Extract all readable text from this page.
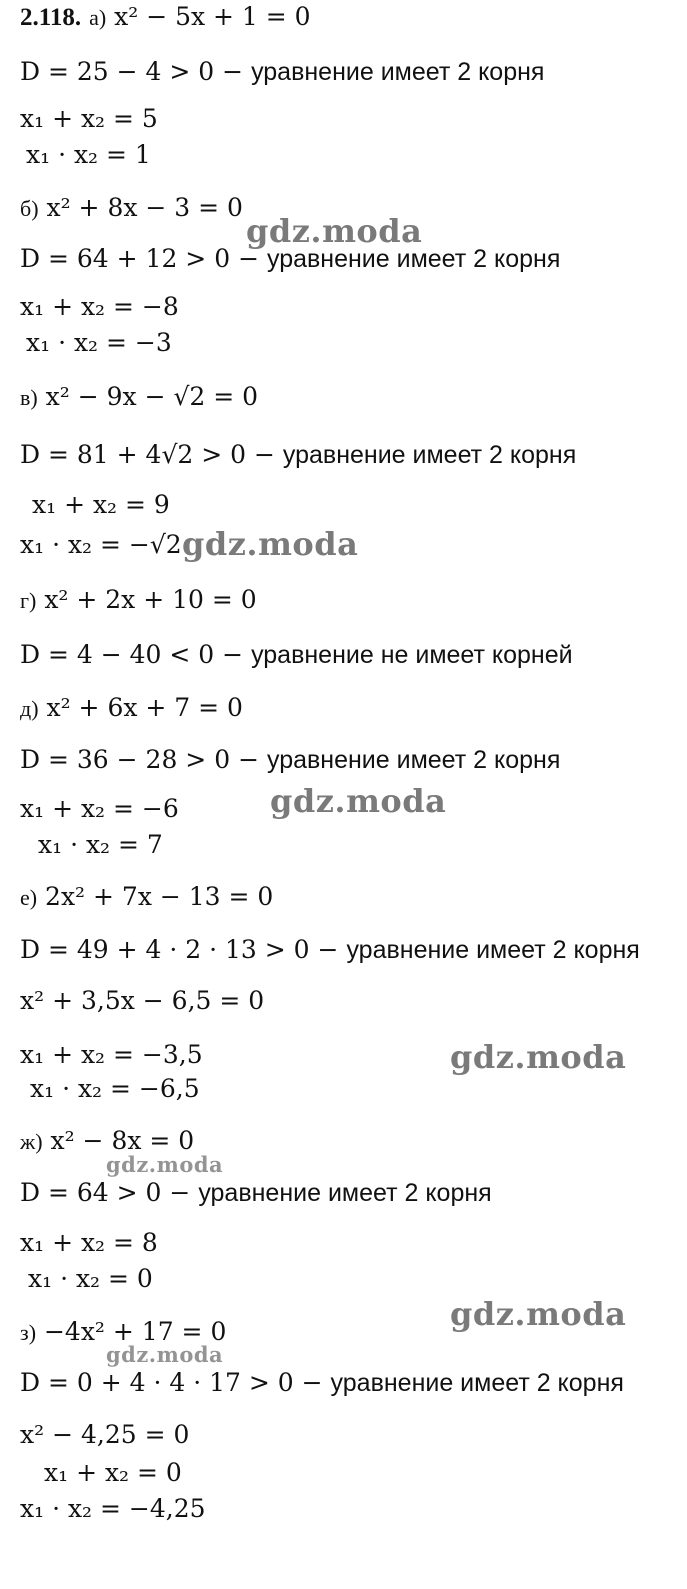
2.118. а) x² − 5x + 1 = 0
D = 25 − 4 > 0 − уравнение имеет 2 корня
x₁ + x₂ = 5
x₁ · x₂ = 1
б) x² + 8x − 3 = 0
gdz.moda
D = 64 + 12 > 0 − уравнение имеет 2 корня
x₁ + x₂ = −8
x₁ · x₂ = −3
в) x² − 9x − √2 = 0
D = 81 + 4√2 > 0 − уравнение имеет 2 корня
x₁ + x₂ = 9
x₁ · x₂ = −√2 gdz.moda
г) x² + 2x + 10 = 0
D = 4 − 40 < 0 − уравнение не имеет корней
д) x² + 6x + 7 = 0
D = 36 − 28 > 0 − уравнение имеет 2 корня
x₁ + x₂ = −6	gdz.moda
x₁ · x₂ = 7
е) 2x² + 7x − 13 = 0
D = 49 + 4 · 2 · 13 > 0 − уравнение имеет 2 корня
x² + 3,5x − 6,5 = 0
x₁ + x₂ = −3,5	gdz.moda
x₁ · x₂ = −6,5
ж) x² − 8x = 0
gdz.moda
D = 64 > 0 − уравнение имеет 2 корня
x₁ + x₂ = 8
x₁ · x₂ = 0
gdz.moda
з) −4x² + 17 = 0
gdz.moda
D = 0 + 4 · 4 · 17 > 0 − уравнение имеет 2 корня
x² − 4,25 = 0
x₁ + x₂ = 0
x₁ · x₂ = −4,25
